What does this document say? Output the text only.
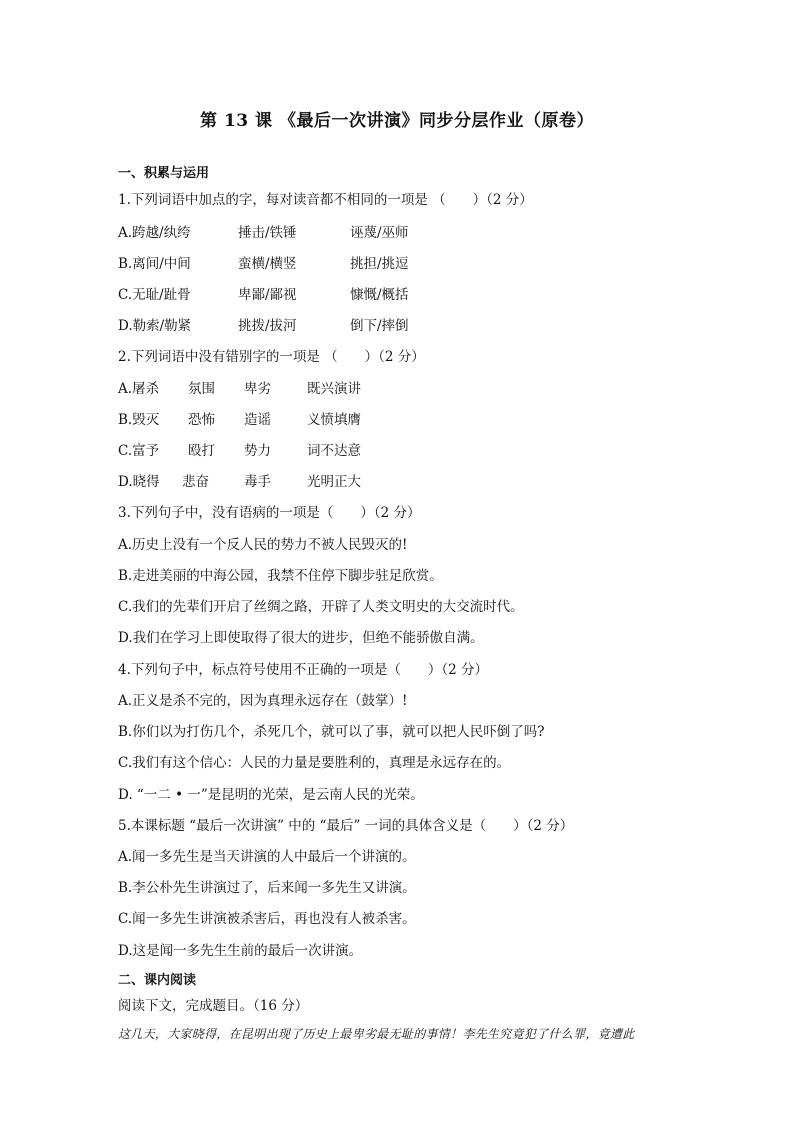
第 13 课 《最后一次讲演》同步分层作业（原卷）
一、积累与运用
1.下列词语中加点的字，每对读音都不相同的一项是 （　　）（2 分）
A.跨越/纨绔	捶击/铁锤	诬蔑/巫师
B.离间/中间	蛮横/横竖	挑担/挑逗
C.无耻/趾骨	卑鄙/鄙视	慷慨/概括
D.勒索/勒紧	挑拨/拔河	倒下/摔倒
2.下列词语中没有错别字的一项是 （　　）（2 分）
A.屠杀 氛围 卑劣	既兴演讲
B.毁灭 恐怖 造谣	义愤填膺
C.富予 殴打 势力	词不达意
D.晓得 悲奋	毒手	光明正大
3.下列句子中，没有语病的一项是（　　）（2 分）
A.历史上没有一个反人民的势力不被人民毁灭的!
B.走进美丽的中海公园，我禁不住停下脚步驻足欣赏。
C.我们的先辈们开启了丝绸之路，开辟了人类文明史的大交流时代。
D.我们在学习上即使取得了很大的进步，但绝不能骄傲自满。
4.下列句子中，标点符号使用不正确的一项是（　　）（2 分）
A.正义是杀不完的，因为真理永远存在（鼓掌）!
B.你们以为打伤几个，杀死几个，就可以了事，就可以把人民吓倒了吗?
C.我们有这个信心：人民的力量是要胜利的，真理是永远存在的。
D. “一二 • 一”是昆明的光荣，是云南人民的光荣。
5.本课标题 “最后一次讲演” 中的 “最后” 一词的具体含义是（　　）（2 分）
A.闻一多先生是当天讲演的人中最后一个讲演的。
B.李公朴先生讲演过了，后来闻一多先生又讲演。
C.闻一多先生讲演被杀害后，再也没有人被杀害。
D.这是闻一多先生生前的最后一次讲演。
二、课内阅读
阅读下文，完成题目。（16 分）
这几天，大家晓得，在昆明出现了历史上最卑劣最无耻的事情！李先生究竟犯了什么罪，竟遭此
